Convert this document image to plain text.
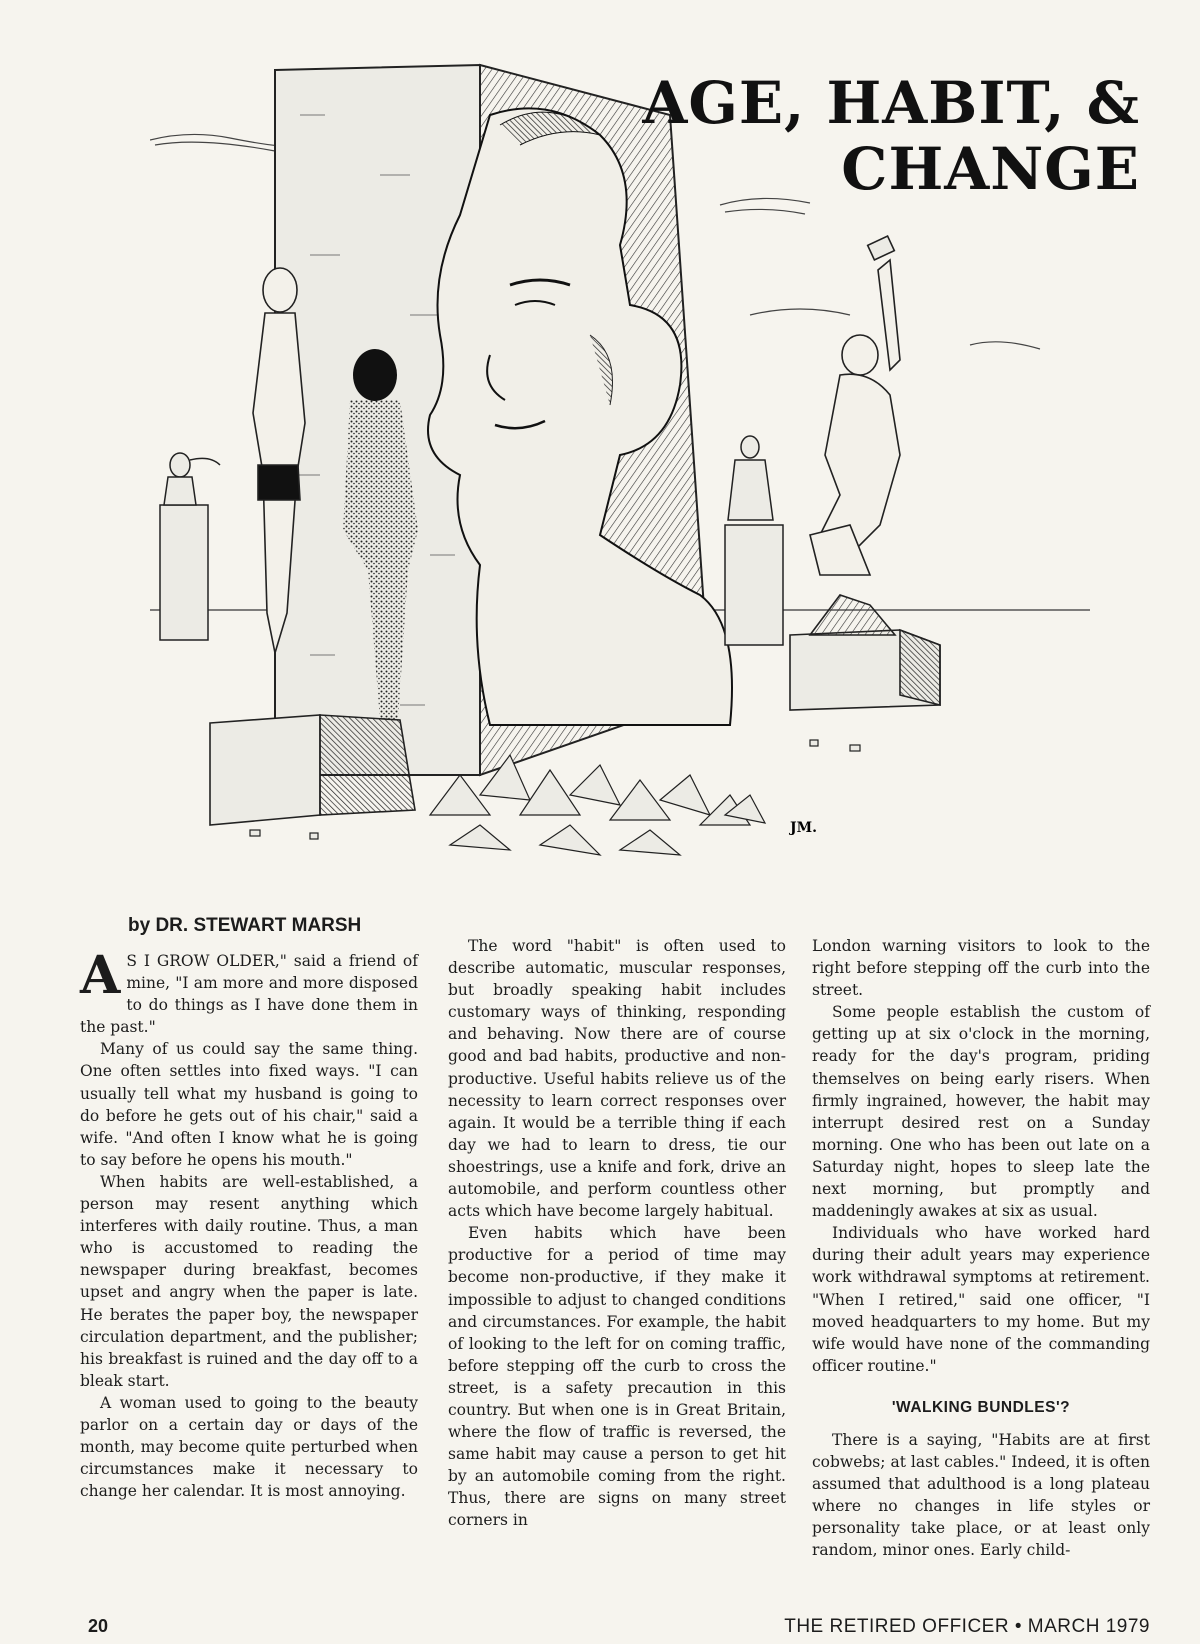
JM.
AGE, HABIT, &
CHANGE

by DR. STEWART MARSH

A S I GROW OLDER," said a friend of mine, "I am more and more disposed to do things as I have done them in the past."

Many of us could say the same thing. One often settles into fixed ways. "I can usually tell what my husband is going to do before he gets out of his chair," said a wife. "And often I know what he is going to say before he opens his mouth."

When habits are well-established, a person may resent anything which interferes with daily routine. Thus, a man who is accustomed to reading the newspaper during breakfast, becomes upset and angry when the paper is late. He berates the paper boy, the newspaper circulation department, and the publisher; his breakfast is ruined and the day off to a bleak start.

A woman used to going to the beauty parlor on a certain day or days of the month, may become quite perturbed when circumstances make it necessary to change her calendar. It is most annoying.

The word "habit" is often used to describe automatic, muscular responses, but broadly speaking habit includes customary ways of thinking, responding and behaving. Now there are of course good and bad habits, productive and non-productive. Useful habits relieve us of the necessity to learn correct responses over again. It would be a terrible thing if each day we had to learn to dress, tie our shoestrings, use a knife and fork, drive an automobile, and perform countless other acts which have become largely habitual.

Even habits which have been productive for a period of time may become non-productive, if they make it impossible to adjust to changed conditions and circumstances. For example, the habit of looking to the left for on coming traffic, before stepping off the curb to cross the street, is a safety precaution in this country. But when one is in Great Britain, where the flow of traffic is reversed, the same habit may cause a person to get hit by an automobile coming from the right. Thus, there are signs on many street corners in

London warning visitors to look to the right before stepping off the curb into the street.

Some people establish the custom of getting up at six o'clock in the morning, ready for the day's program, priding themselves on being early risers. When firmly ingrained, however, the habit may interrupt desired rest on a Sunday morning. One who has been out late on a Saturday night, hopes to sleep late the next morning, but promptly and maddeningly awakes at six as usual.

Individuals who have worked hard during their adult years may experience work withdrawal symptoms at retirement. "When I retired," said one officer, "I moved headquarters to my home. But my wife would have none of the commanding officer routine."

'WALKING BUNDLES'?

There is a saying, "Habits are at first cobwebs; at last cables." Indeed, it is often assumed that adulthood is a long plateau where no changes in life styles or personality take place, or at least only random, minor ones. Early child-

20	THE RETIRED OFFICER • MARCH 1979
